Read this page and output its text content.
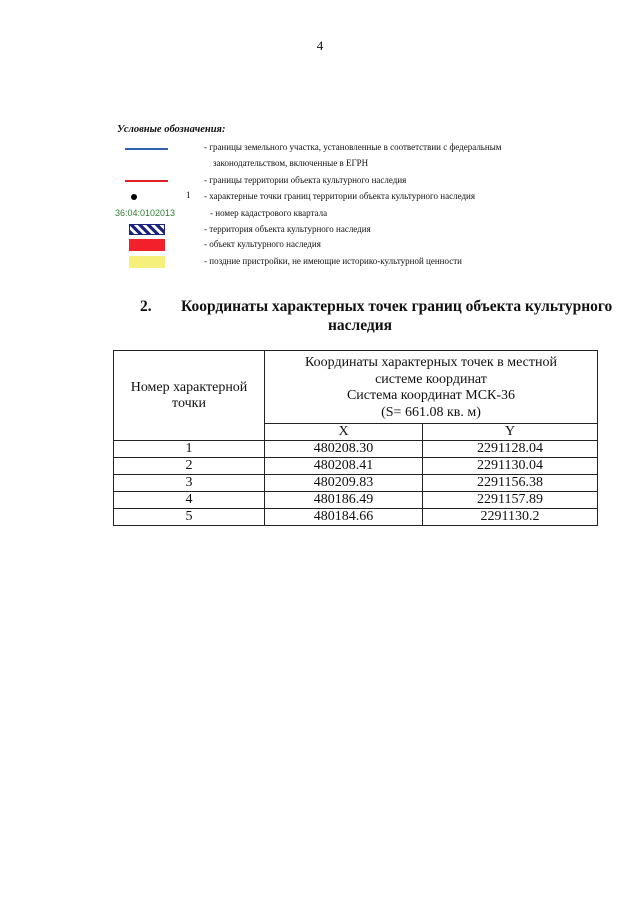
4
Условные обозначения:
- границы земельного участка, установленные в соответствии с федеральным
законодательством, включенные в ЕГРН
- границы территории объекта культурного наследия
1 - характерные точки границ территории объекта культурного наследия
36:04:0102013	- номер кадастрового квартала
- территория объекта культурного наследия
- объект культурного наследия
- поздние пристройки, не имеющие историко-культурной ценности
2. Координаты характерных точек границ объекта культурного
наследия
Номер характерной точки	Координаты характерных точек в местной
системе координат
Система координат МСК-36
(S= 661.08 кв. м)	

	X	Y
1	480208.30	2291128.04
2	480208.41	2291130.04
3	480209.83	2291156.38
4	480186.49	2291157.89
5	480184.66	2291130.2
